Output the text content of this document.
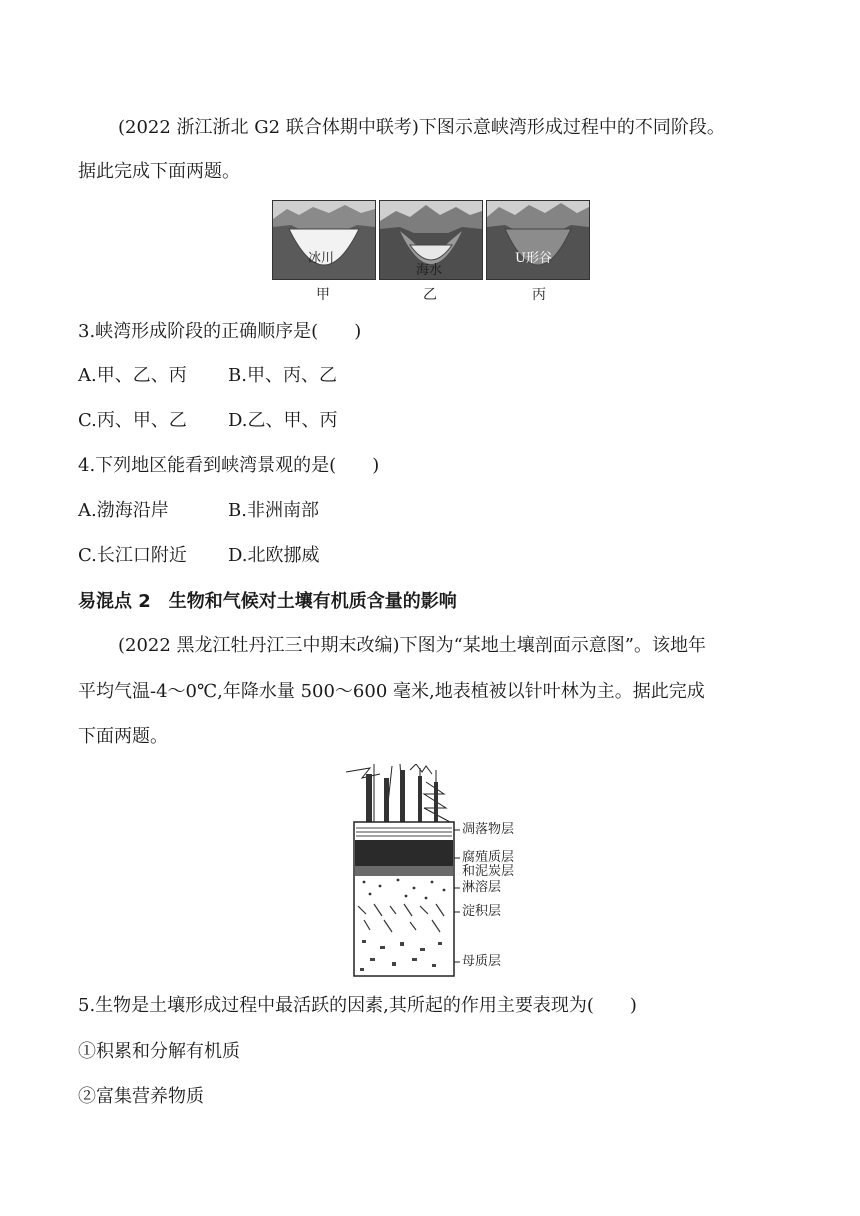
(2022 浙江浙北 G2 联合体期中联考)下图示意峡湾形成过程中的不同阶段。
据此完成下面两题。
冰川
海水
U形谷
甲	乙	丙
3.峡湾形成阶段的正确顺序是(　　)
A.甲、乙、丙 B.甲、丙、乙
C.丙、甲、乙 D.乙、甲、丙
4.下列地区能看到峡湾景观的是(　　)
A.渤海沿岸	B.非洲南部
C.长江口附近 D.北欧挪威
易混点 2　生物和气候对土壤有机质含量的影响
(2022 黑龙江牡丹江三中期末改编)下图为“某地土壤剖面示意图”。该地年
平均气温-4～0℃,年降水量 500～600 毫米,地表植被以针叶林为主。据此完成
下面两题。
凋落物层
腐殖质层
和泥炭层
淋溶层
淀积层
母质层
5.生物是土壤形成过程中最活跃的因素,其所起的作用主要表现为(　　)
①积累和分解有机质
②富集营养物质
